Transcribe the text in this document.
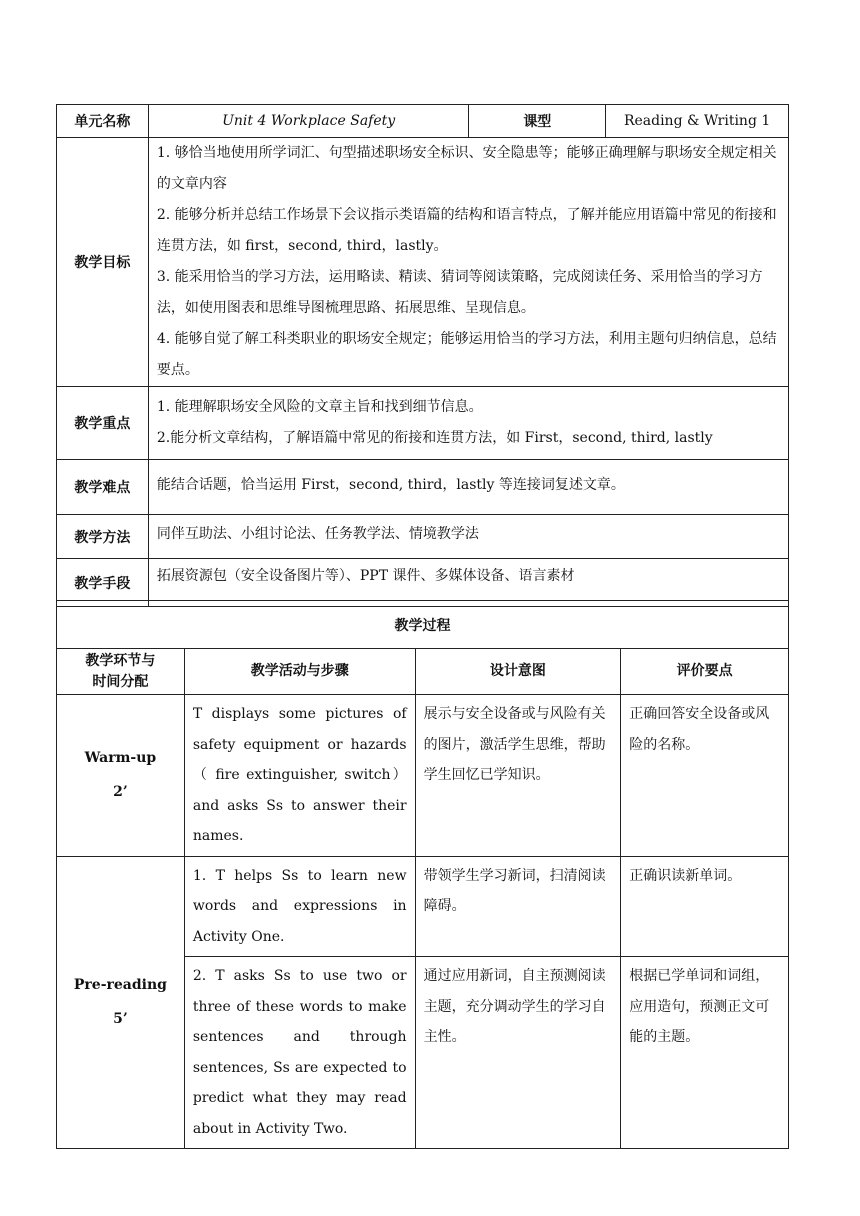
单元名称	Unit 4 Workplace Safety	课型	Reading & Writing 1
教学目标	1. 够恰当地使用所学词汇、句型描述职场安全标识、安全隐患等；能够正确理解与职场安全规定相关的文章内容

2. 能够分析并总结工作场景下会议指示类语篇的结构和语言特点，了解并能应用语篇中常见的衔接和连贯方法，如 first，second, third，lastly。

3. 能采用恰当的学习方法，运用略读、精读、猜词等阅读策略，完成阅读任务、采用恰当的学习方法，如使用图表和思维导图梳理思路、拓展思维、呈现信息。

4. 能够自觉了解工科类职业的职场安全规定；能够运用恰当的学习方法，利用主题句归纳信息，总结要点。		

教学重点	1. 能理解职场安全风险的文章主旨和找到细节信息。

2.能分析文章结构，了解语篇中常见的衔接和连贯方法，如 First，second, third, lastly		

教学难点	能结合话题，恰当运用 First，second, third，lastly 等连接词复述文章。		
教学方法	同伴互助法、小组讨论法、任务教学法、情境教学法		
教学手段	拓展资源包（安全设备图片等）、PPT 课件、多媒体设备、语言素材		
教学过程			
教学环节与
时间分配	教学活动与步骤	设计意图	评价要点
Warm-up
2’	T displays some pictures of safety equipment or hazards （ fire extinguisher, switch）and asks Ss to answer their names.	展示与安全设备或与风险有关的图片，激活学生思维，帮助学生回忆已学知识。	正确回答安全设备或风险的名称。
Pre-reading
5’	1. T helps Ss to learn new words and expressions in Activity One.	带领学生学习新词，扫清阅读障碍。	正确识读新单词。
	2. T asks Ss to use two or three of these words to make sentences and through sentences, Ss are expected to predict what they may read about in Activity Two.	通过应用新词，自主预测阅读主题，充分调动学生的学习自主性。	根据已学单词和词组，应用造句，预测正文可能的主题。
